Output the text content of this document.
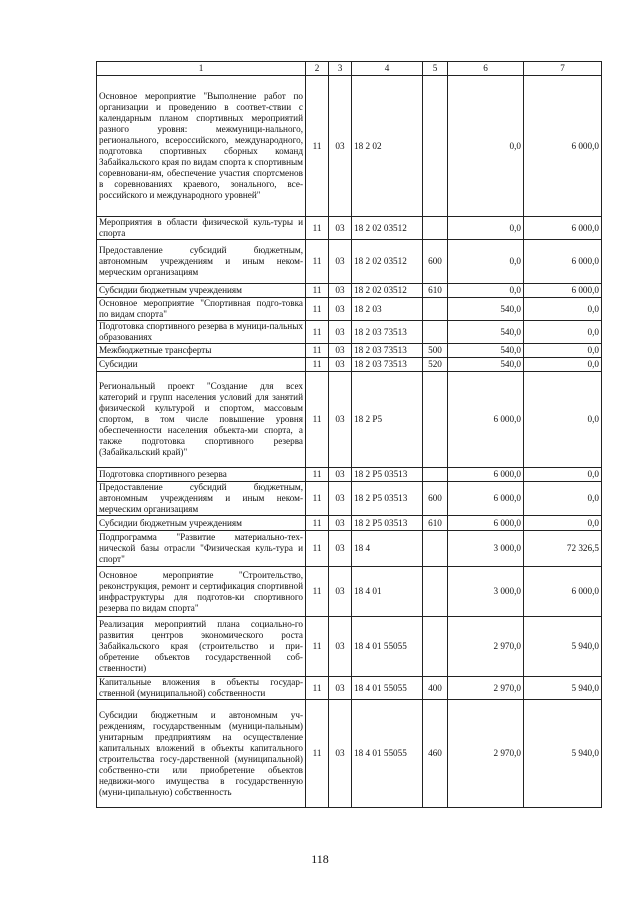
1	2	3	4	5	6	7
Основное мероприятие "Выполнение работ по организации и проведению в соответ-ствии с календарным планом спортивных мероприятий разного уровня: межмуници-нального, регионального, всероссийского, международного, подготовка спортивных сборных команд Забайкальского края по видам спорта к спортивным соревновани-ям, обеспечение участия спортсменов в соревнованиях краевого, зонального, все-российского и международного уровней"	11	03	18 2 02		0,0	6 000,0
Мероприятия в области физической куль-туры и спорта	11	03	18 2 02 03512		0,0	6 000,0
Предоставление субсидий бюджетным, автономным учреждениям и иным неком-мерческим организациям	11	03	18 2 02 03512	600	0,0	6 000,0
Субсидии бюджетным учреждениям	11	03	18 2 02 03512	610	0,0	6 000,0
Основное мероприятие "Спортивная подго-товка по видам спорта"	11	03	18 2 03		540,0	0,0
Подготовка спортивного резерва в муници-пальных образованиях	11	03	18 2 03 73513		540,0	0,0
Межбюджетные трансферты	11	03	18 2 03 73513	500	540,0	0,0
Субсидии	11	03	18 2 03 73513	520	540,0	0,0
Региональный проект "Создание для всех категорий и групп населения условий для занятий физической культурой и спортом, массовым спортом, в том числе повышение уровня обеспеченности населения объекта-ми спорта, а также подготовка спортивного резерва (Забайкальский край)"	11	03	18 2 P5		6 000,0	0,0
Подготовка спортивного резерва	11	03	18 2 P5 03513		6 000,0	0,0
Предоставление субсидий бюджетным, автономным учреждениям и иным неком-мерческим организациям	11	03	18 2 P5 03513	600	6 000,0	0,0
Субсидии бюджетным учреждениям	11	03	18 2 P5 03513	610	6 000,0	0,0
Подпрограмма "Развитие материально-тех-нической базы отрасли "Физическая куль-тура и спорт"	11	03	18 4		3 000,0	72 326,5
Основное мероприятие "Строительство, реконструкция, ремонт и сертификация спортивной инфраструктуры для подготов-ки спортивного резерва по видам спорта"	11	03	18 4 01		3 000,0	6 000,0
Реализация мероприятий плана социально-го развития центров экономического роста Забайкальского края (строительство и при-обретение объектов государственной соб-ственности)	11	03	18 4 01 55055		2 970,0	5 940,0
Капитальные вложения в объекты государ-ственной (муниципальной) собственности	11	03	18 4 01 55055	400	2 970,0	5 940,0
Субсидии бюджетным и автономным уч-реждениям, государственным (муници-пальным) унитарным предприятиям на осуществление капитальных вложений в объекты капитального строительства госу-дарственной (муниципальной) собственно-сти или приобретение объектов недвижи-мого имущества в государственную (муни-ципальную) собственность	11	03	18 4 01 55055	460	2 970,0	5 940,0
118
